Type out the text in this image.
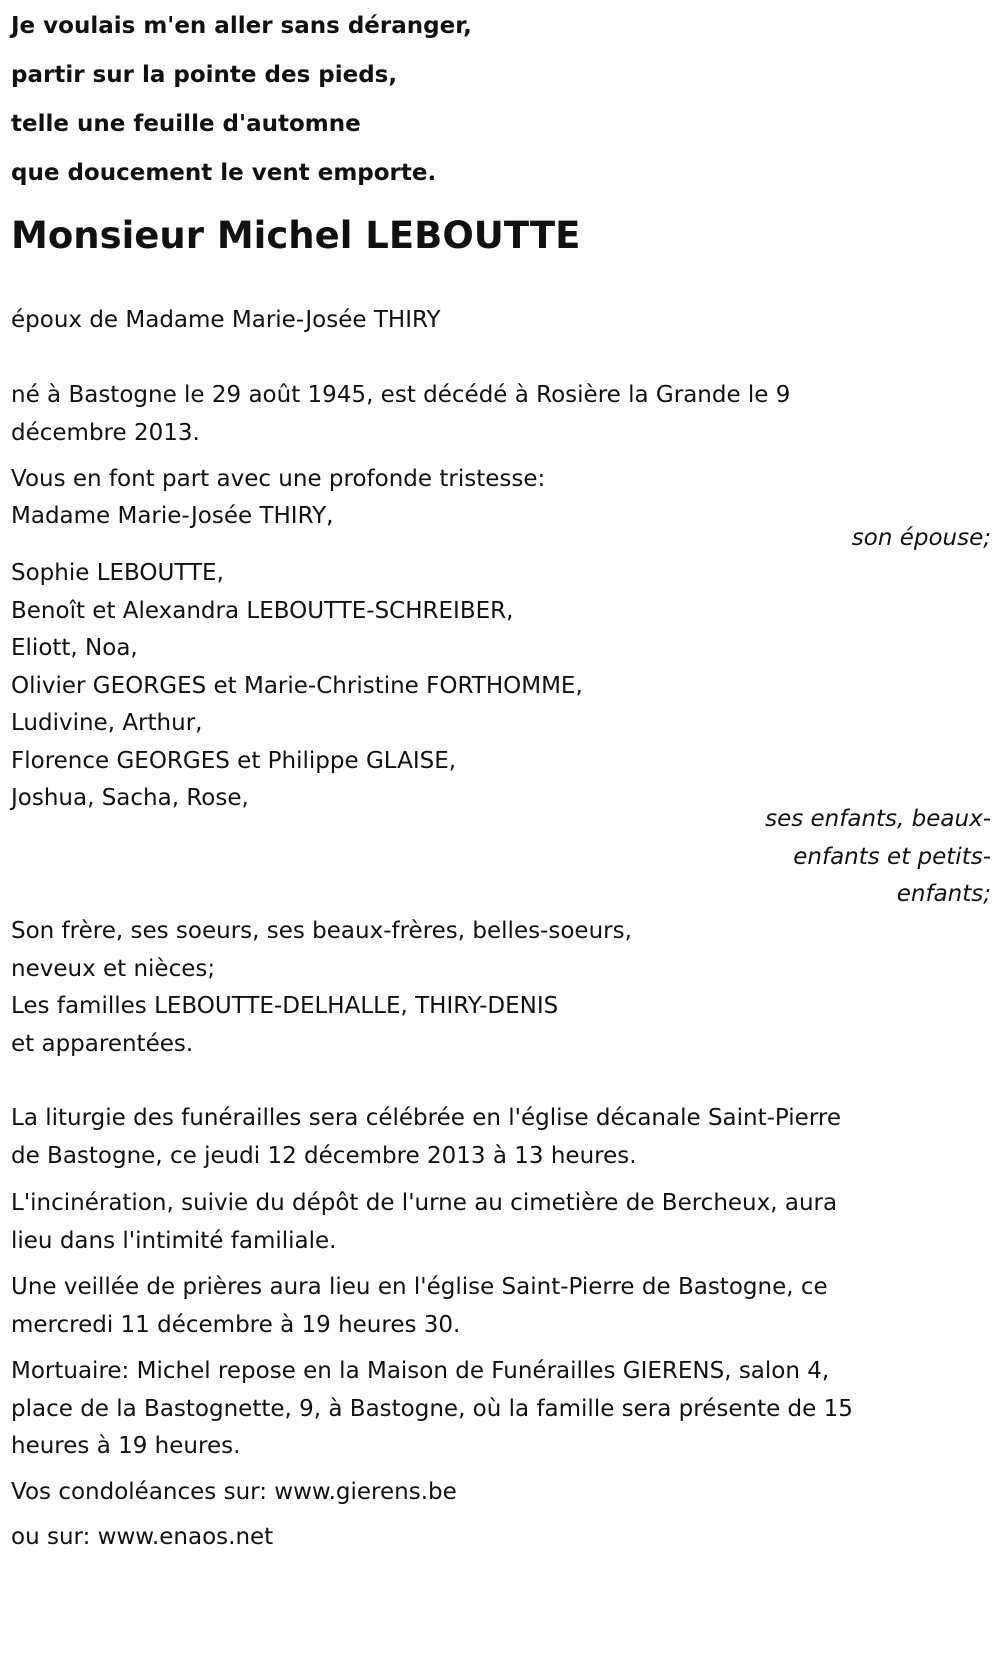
Je voulais m'en aller sans déranger,
partir sur la pointe des pieds,
telle une feuille d'automne
que doucement le vent emporte.
Monsieur Michel LEBOUTTE
époux de Madame Marie-Josée THIRY
né à Bastogne le 29 août 1945, est décédé à Rosière la Grande le 9
décembre 2013.
Vous en font part avec une profonde tristesse:
Madame Marie-Josée THIRY,
son épouse;
Sophie LEBOUTTE,
Benoît et Alexandra LEBOUTTE-SCHREIBER,
Eliott, Noa,
Olivier GEORGES et Marie-Christine FORTHOMME,
Ludivine, Arthur,
Florence GEORGES et Philippe GLAISE,
Joshua, Sacha, Rose,
ses enfants, beaux-
enfants et petits-
enfants;
Son frère, ses soeurs, ses beaux-frères, belles-soeurs,
neveux et nièces;
Les familles LEBOUTTE-DELHALLE, THIRY-DENIS
et apparentées.
La liturgie des funérailles sera célébrée en l'église décanale Saint-Pierre
de Bastogne, ce jeudi 12 décembre 2013 à 13 heures.
L'incinération, suivie du dépôt de l'urne au cimetière de Bercheux, aura
lieu dans l'intimité familiale.
Une veillée de prières aura lieu en l'église Saint-Pierre de Bastogne, ce
mercredi 11 décembre à 19 heures 30.
Mortuaire: Michel repose en la Maison de Funérailles GIERENS, salon 4,
place de la Bastognette, 9, à Bastogne, où la famille sera présente de 15
heures à 19 heures.
Vos condoléances sur: www.gierens.be
ou sur: www.enaos.net
